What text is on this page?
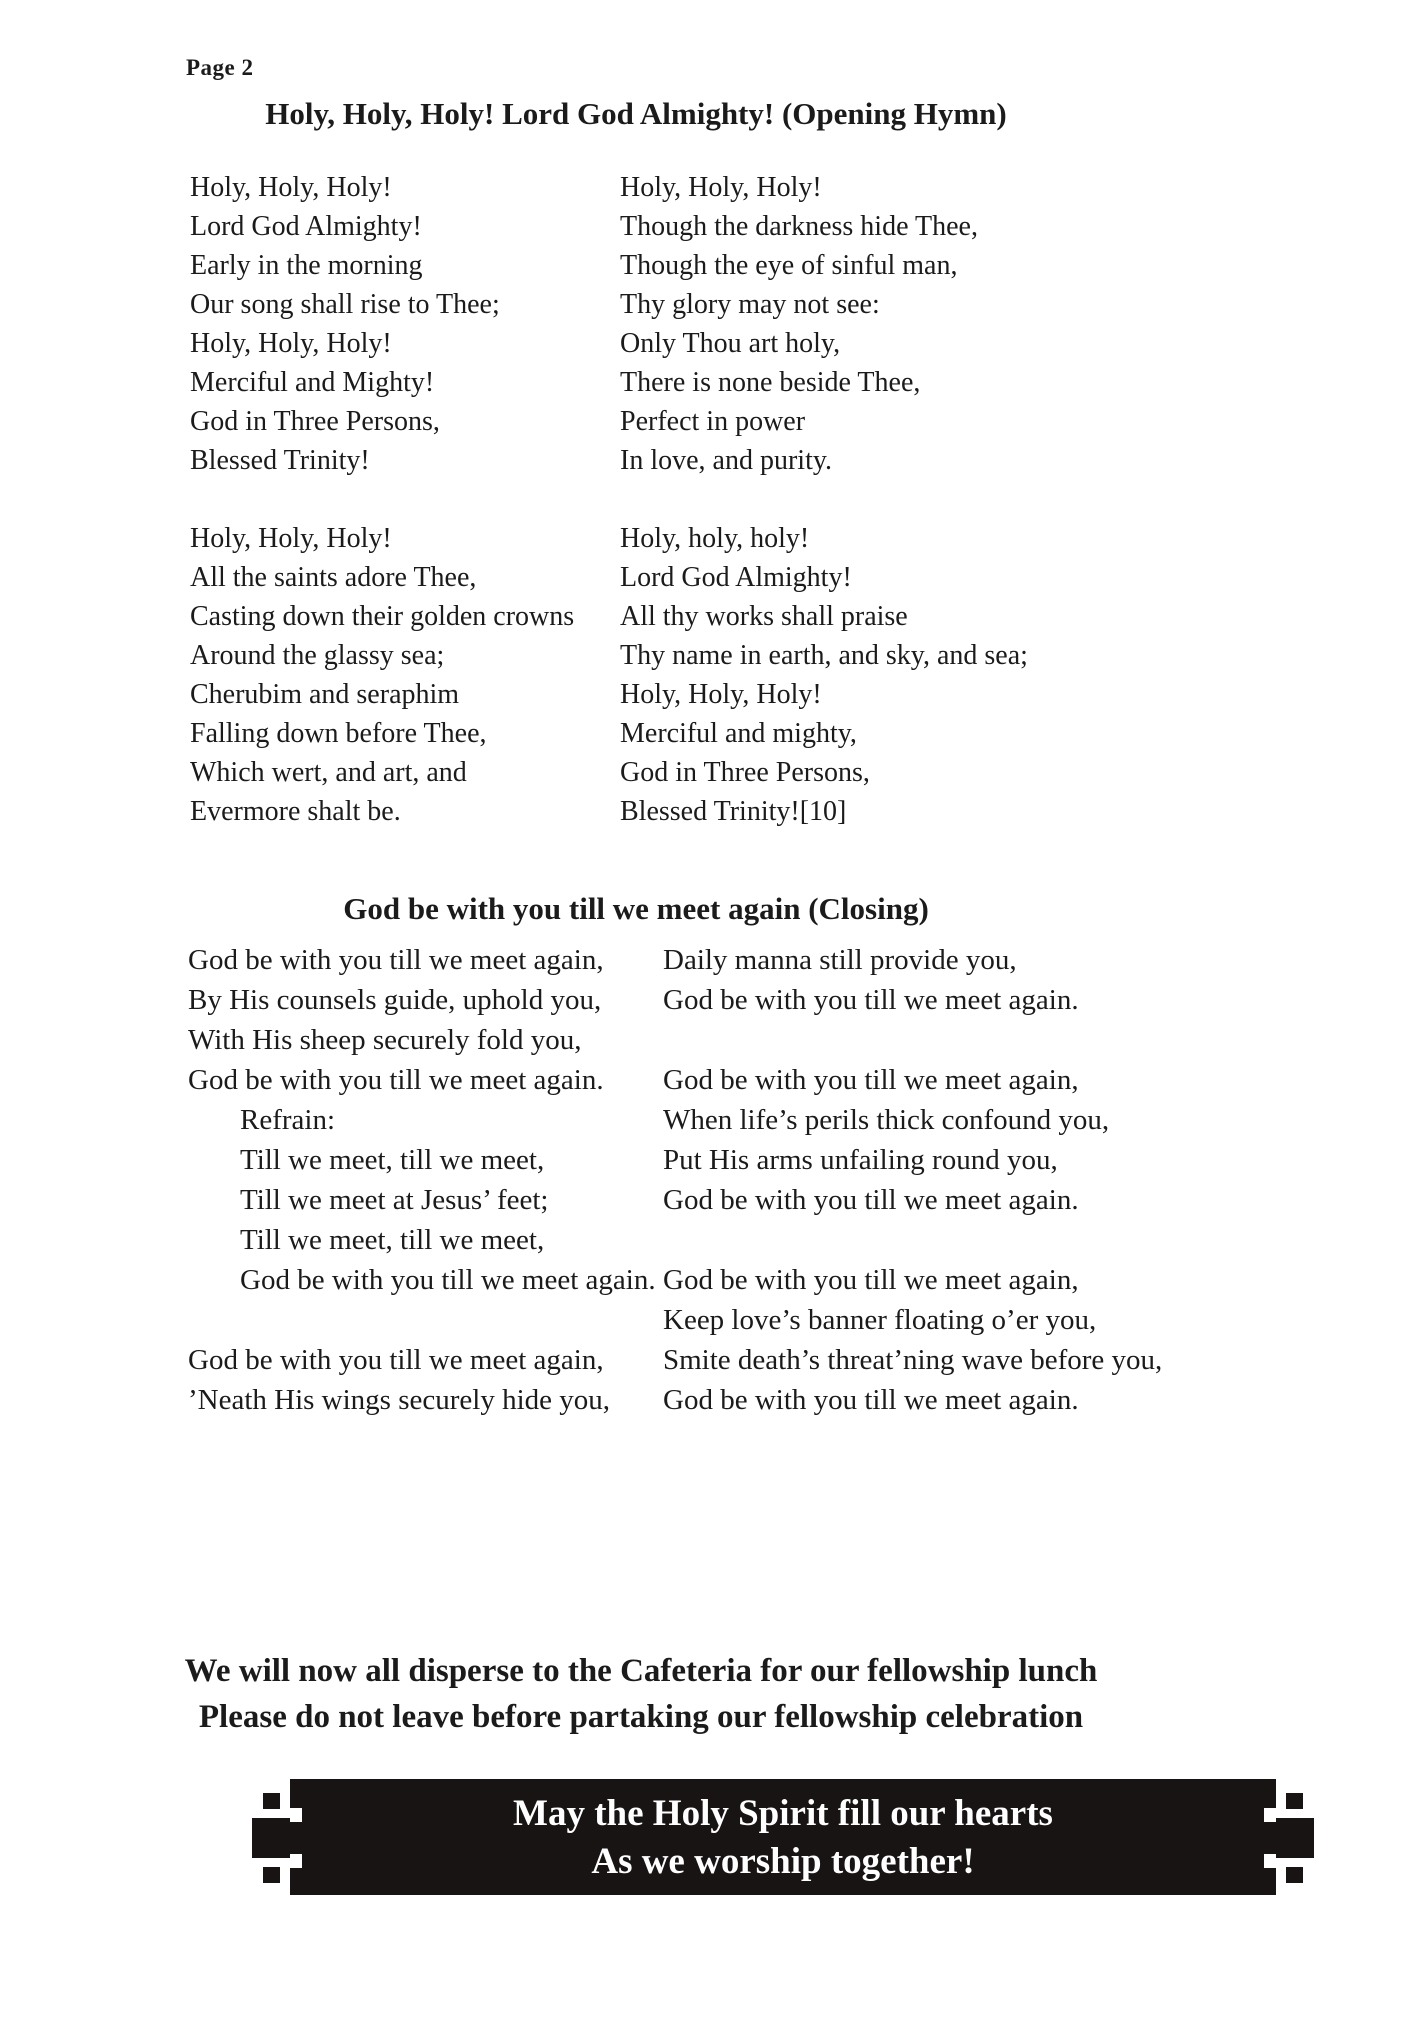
Page 2
Holy, Holy, Holy! Lord God Almighty! (Opening Hymn)
Holy, Holy, Holy!
Lord God Almighty!
Early in the morning
Our song shall rise to Thee;
Holy, Holy, Holy!
Merciful and Mighty!
God in Three Persons,
Blessed Trinity!
Holy, Holy, Holy!
All the saints adore Thee,
Casting down their golden crowns
Around the glassy sea;
Cherubim and seraphim
Falling down before Thee,
Which wert, and art, and
Evermore shalt be.
Holy, Holy, Holy!
Though the darkness hide Thee,
Though the eye of sinful man,
Thy glory may not see:
Only Thou art holy,
There is none beside Thee,
Perfect in power
In love, and purity.
Holy, holy, holy!
Lord God Almighty!
All thy works shall praise
Thy name in earth, and sky, and sea;
Holy, Holy, Holy!
Merciful and mighty,
God in Three Persons,
Blessed Trinity![10]
God be with you till we meet again (Closing)
God be with you till we meet again,
By His counsels guide, uphold you,
With His sheep securely fold you,
God be with you till we meet again.
Refrain:
Till we meet, till we meet,
Till we meet at Jesus’ feet;
Till we meet, till we meet,
God be with you till we meet again.
God be with you till we meet again,
’Neath His wings securely hide you,
Daily manna still provide you,
God be with you till we meet again.
God be with you till we meet again,
When life’s perils thick confound you,
Put His arms unfailing round you,
God be with you till we meet again.
God be with you till we meet again,
Keep love’s banner floating o’er you,
Smite death’s threat’ning wave before you,
God be with you till we meet again.
We will now all disperse to the Cafeteria for our fellowship lunch
Please do not leave before partaking our fellowship celebration
May the Holy Spirit fill our hearts
As we worship together!
